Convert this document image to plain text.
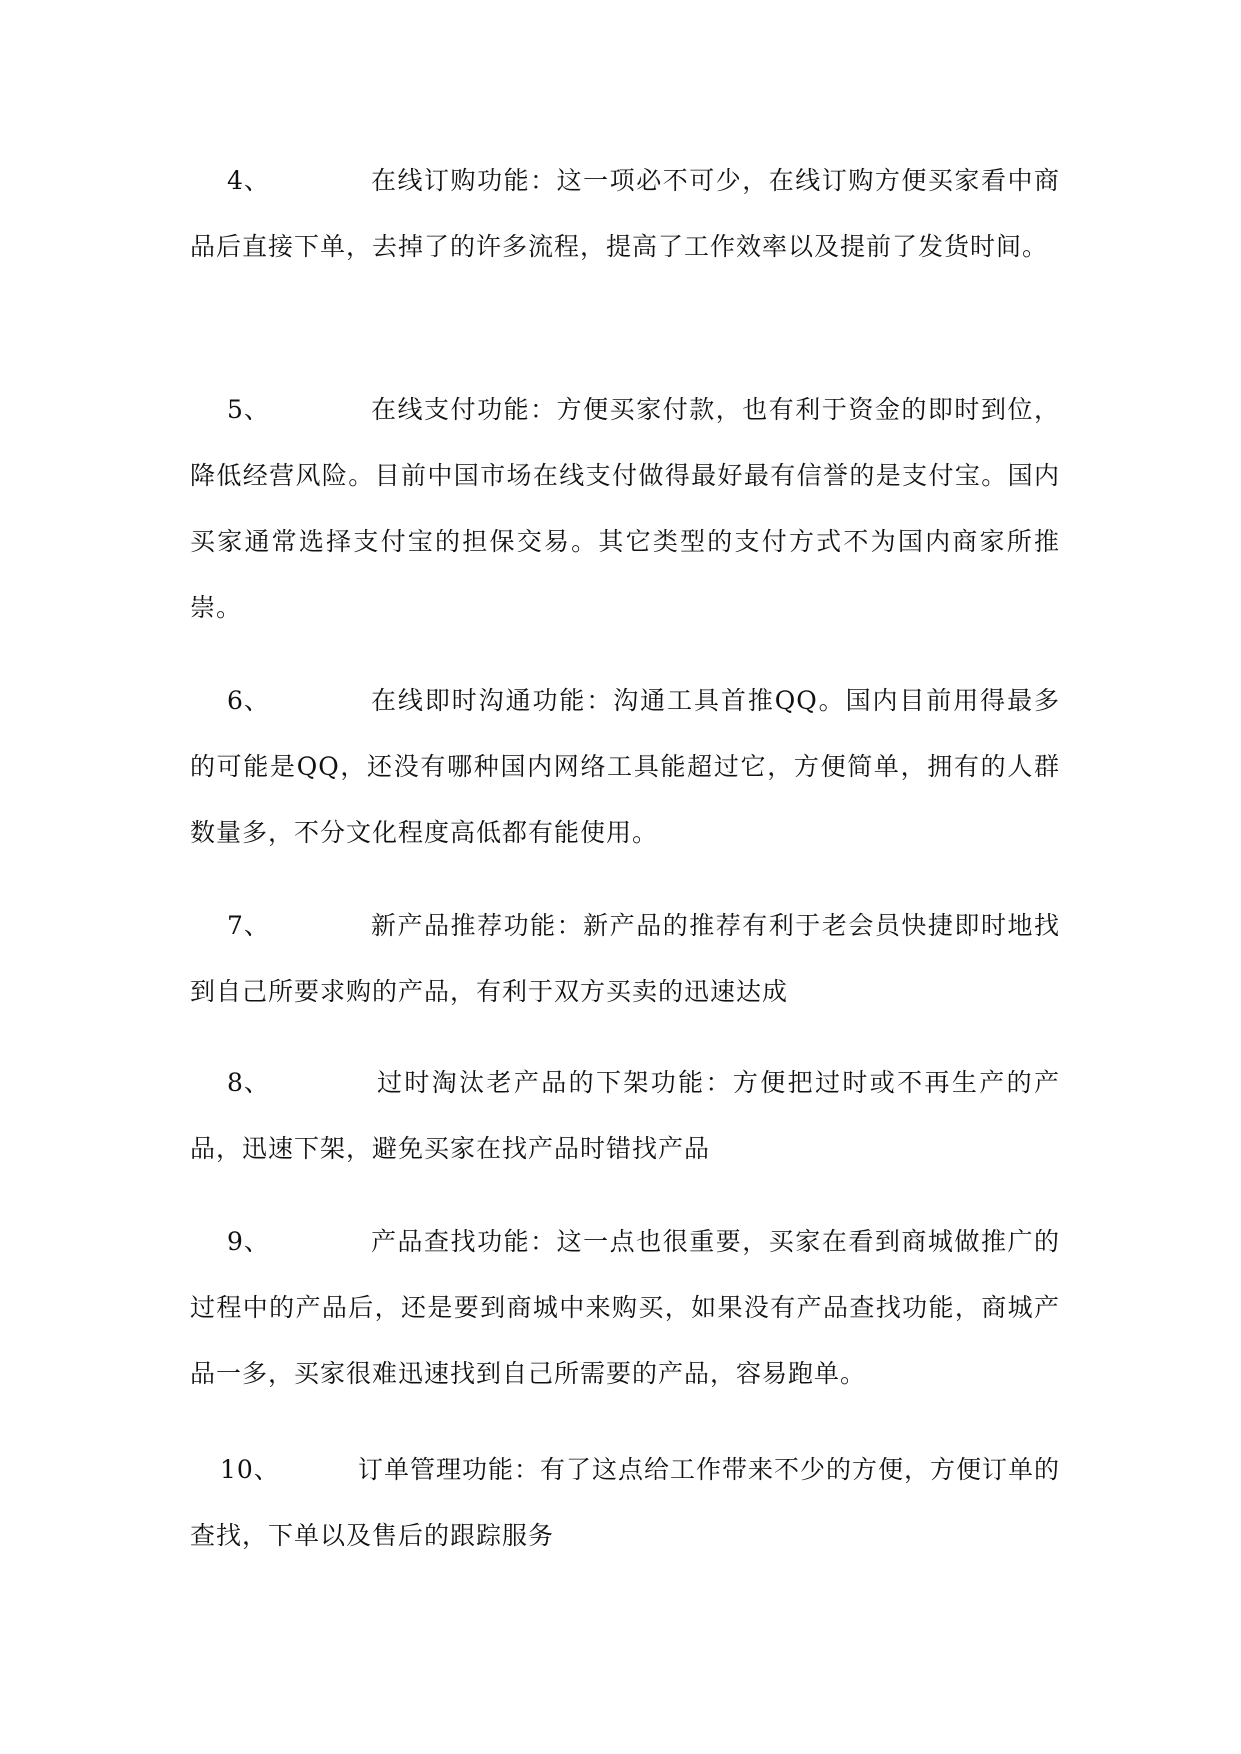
4、	在线订购功能：这一项必不可少，在线订购方便买家看中商品后直接下单，去掉了的许多流程，提高了工作效率以及提前了发货时间。

5、	在线支付功能：方便买家付款，也有利于资金的即时到位，降低经营风险。目前中国市场在线支付做得最好最有信誉的是支付宝。国内买家通常选择支付宝的担保交易。其它类型的支付方式不为国内商家所推崇。

6、	在线即时沟通功能：沟通工具首推QQ。国内目前用得最多的可能是QQ，还没有哪种国内网络工具能超过它，方便简单，拥有的人群数量多，不分文化程度高低都有能使用。

7、	新产品推荐功能：新产品的推荐有利于老会员快捷即时地找到自己所要求购的产品，有利于双方买卖的迅速达成

8、	过时淘汰老产品的下架功能：方便把过时或不再生产的产品，迅速下架，避免买家在找产品时错找产品

9、	产品查找功能：这一点也很重要，买家在看到商城做推广的过程中的产品后，还是要到商城中来购买，如果没有产品查找功能，商城产品一多，买家很难迅速找到自己所需要的产品，容易跑单。

10、	订单管理功能：有了这点给工作带来不少的方便，方便订单的查找，下单以及售后的跟踪服务
